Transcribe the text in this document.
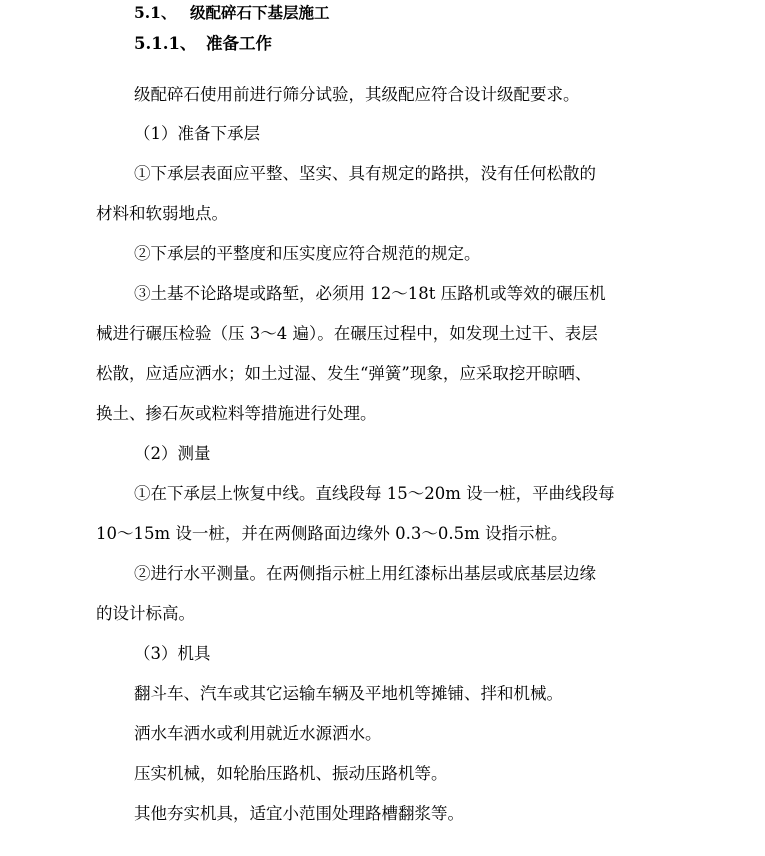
5.1、 级配碎石下基层施工
5.1.1、 准备工作
级配碎石使用前进行筛分试验，其级配应符合设计级配要求。
（1）准备下承层
①下承层表面应平整、坚实、具有规定的路拱，没有任何松散的
材料和软弱地点。
②下承层的平整度和压实度应符合规范的规定。
③土基不论路堤或路堑，必须用 12～18t 压路机或等效的碾压机
械进行碾压检验（压 3～4 遍）。在碾压过程中，如发现土过干、表层
松散，应适应洒水；如土过湿、发生“弹簧”现象，应采取挖开晾晒、
换土、掺石灰或粒料等措施进行处理。
（2）测量
①在下承层上恢复中线。直线段每 15～20m 设一桩，平曲线段每
10～15m 设一桩，并在两侧路面边缘外 0.3～0.5m 设指示桩。
②进行水平测量。在两侧指示桩上用红漆标出基层或底基层边缘
的设计标高。
（3）机具
翻斗车、汽车或其它运输车辆及平地机等摊铺、拌和机械。
洒水车洒水或利用就近水源洒水。
压实机械，如轮胎压路机、振动压路机等。
其他夯实机具，适宜小范围处理路槽翻浆等。
